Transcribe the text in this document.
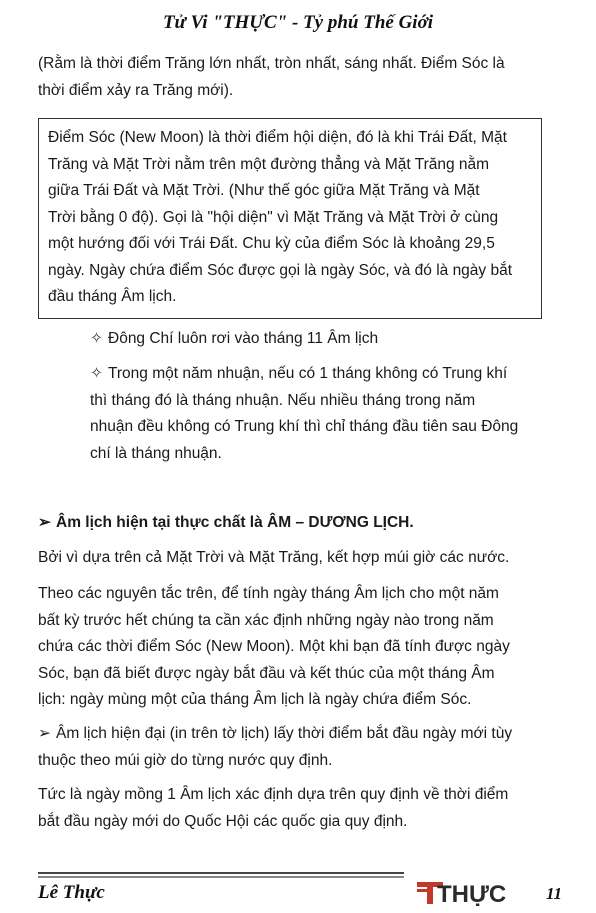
Tử Vi "THỰC" - Tỷ phú Thế Giới
(Rằm là thời điểm Trăng lớn nhất, tròn nhất, sáng nhất. Điểm Sóc là
thời điểm xảy ra Trăng mới).
Điểm Sóc (New Moon) là thời điểm hội diện, đó là khi Trái Đất, Mặt
Trăng và Mặt Trời nằm trên một đường thẳng và Mặt Trăng nằm
giữa Trái Đất và Mặt Trời. (Như thế góc giữa Mặt Trăng và Mặt
Trời bằng 0 độ). Gọi là "hội diện" vì Mặt Trăng và Mặt Trời ở cùng
một hướng đối với Trái Đất. Chu kỳ của điểm Sóc là khoảng 29,5
ngày. Ngày chứa điểm Sóc được gọi là ngày Sóc, và đó là ngày bắt
đầu tháng Âm lịch.
✧ Đông Chí luôn rơi vào tháng 11 Âm lịch
✧ Trong một năm nhuận, nếu có 1 tháng không có Trung khí
thì tháng đó là tháng nhuận. Nếu nhiều tháng trong năm
nhuận đều không có Trung khí thì chỉ tháng đầu tiên sau Đông
chí là tháng nhuận.
➢ Âm lịch hiện tại thực chất là ÂM – DƯƠNG LỊCH.
Bởi vì dựa trên cả Mặt Trời và Mặt Trăng, kết hợp múi giờ các nước.
Theo các nguyên tắc trên, để tính ngày tháng Âm lịch cho một năm
bất kỳ trước hết chúng ta cần xác định những ngày nào trong năm
chứa các thời điểm Sóc (New Moon). Một khi bạn đã tính được ngày
Sóc, bạn đã biết được ngày bắt đầu và kết thúc của một tháng Âm
lịch: ngày mùng một của tháng Âm lịch là ngày chứa điểm Sóc.
➢ Âm lịch hiện đại (in trên tờ lịch) lấy thời điểm bắt đầu ngày mới tùy
thuộc theo múi giờ do từng nước quy định.
Tức là ngày mồng 1 Âm lịch xác định dựa trên quy định về thời điểm
bắt đầu ngày mới do Quốc Hội các quốc gia quy định.
Lê Thực	THỰC 11
